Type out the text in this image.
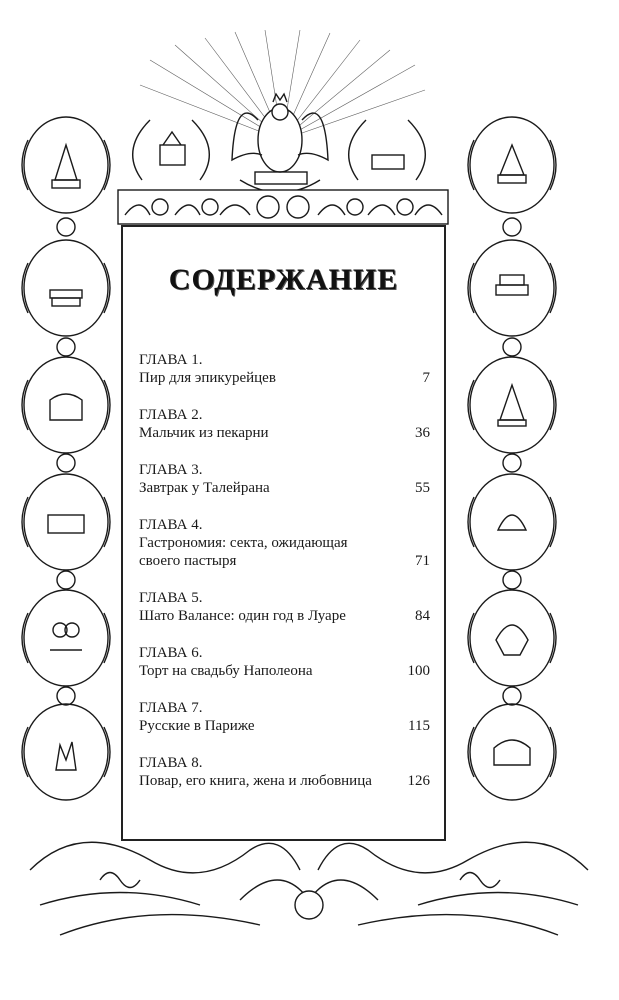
СОДЕРЖАНИЕ
ГЛАВА 1.
Пир для эпикурейцев	7
ГЛАВА 2.
Мальчик из пекарни	36
ГЛАВА 3.
Завтрак у Талейрана	55
ГЛАВА 4.
Гастрономия: секта, ожидающая своего пастыря	71
ГЛАВА 5.
Шато Валансе: один год в Луаре	84
ГЛАВА 6.
Торт на свадьбу Наполеона	100
ГЛАВА 7.
Русские в Париже	115
ГЛАВА 8.
Повар, его книга, жена и любовница	126
